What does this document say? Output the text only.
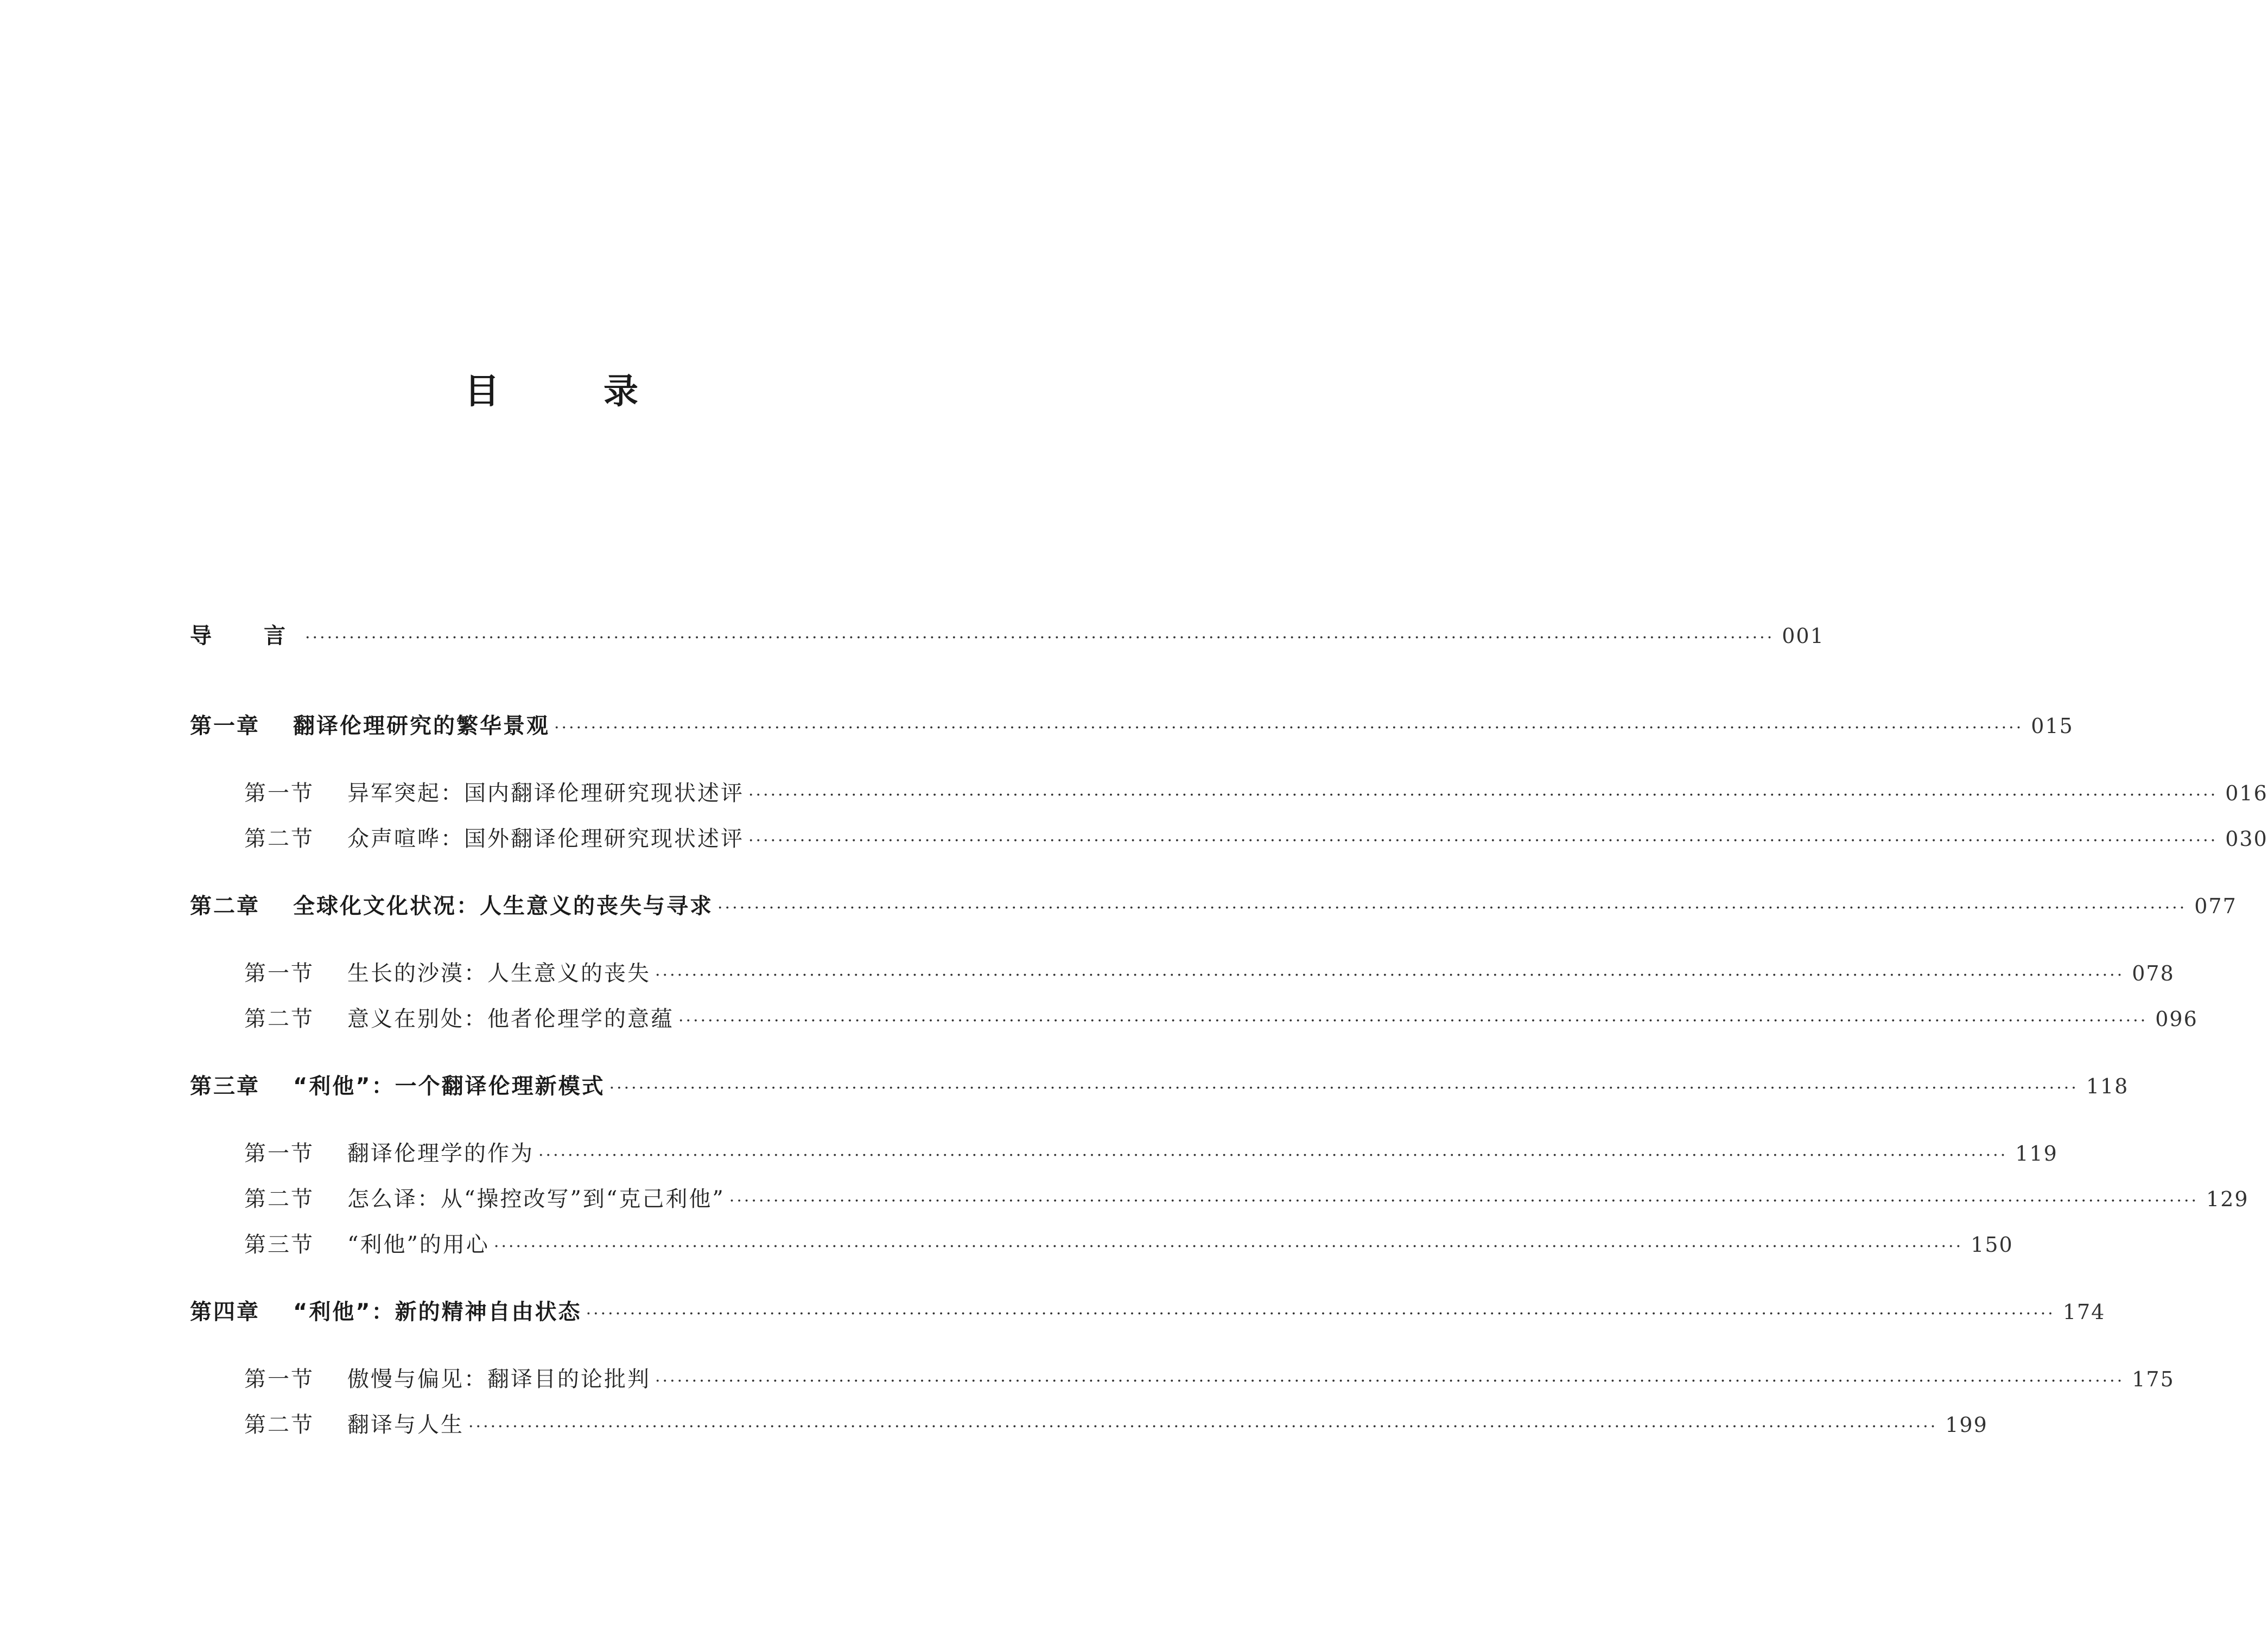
目　录
导　言 ········································································································································································································ 001
第一章	翻译伦理研究的繁华景观 ········································································································································································································ 015
第一节	异军突起：国内翻译伦理研究现状述评 ········································································································································································································ 016
第二节	众声喧哗：国外翻译伦理研究现状述评 ········································································································································································································ 030
第二章	全球化文化状况：人生意义的丧失与寻求 ········································································································································································································ 077
第一节	生长的沙漠：人生意义的丧失 ········································································································································································································ 078
第二节	意义在别处：他者伦理学的意蕴 ········································································································································································································ 096
第三章	“利他”：一个翻译伦理新模式 ········································································································································································································ 118
第一节	翻译伦理学的作为 ········································································································································································································ 119
第二节	怎么译：从“操控改写”到“克己利他” ········································································································································································································ 129
第三节	“利他”的用心 ········································································································································································································ 150
第四章	“利他”：新的精神自由状态 ········································································································································································································ 174
第一节	傲慢与偏见：翻译目的论批判 ········································································································································································································ 175
第二节	翻译与人生 ········································································································································································································ 199
